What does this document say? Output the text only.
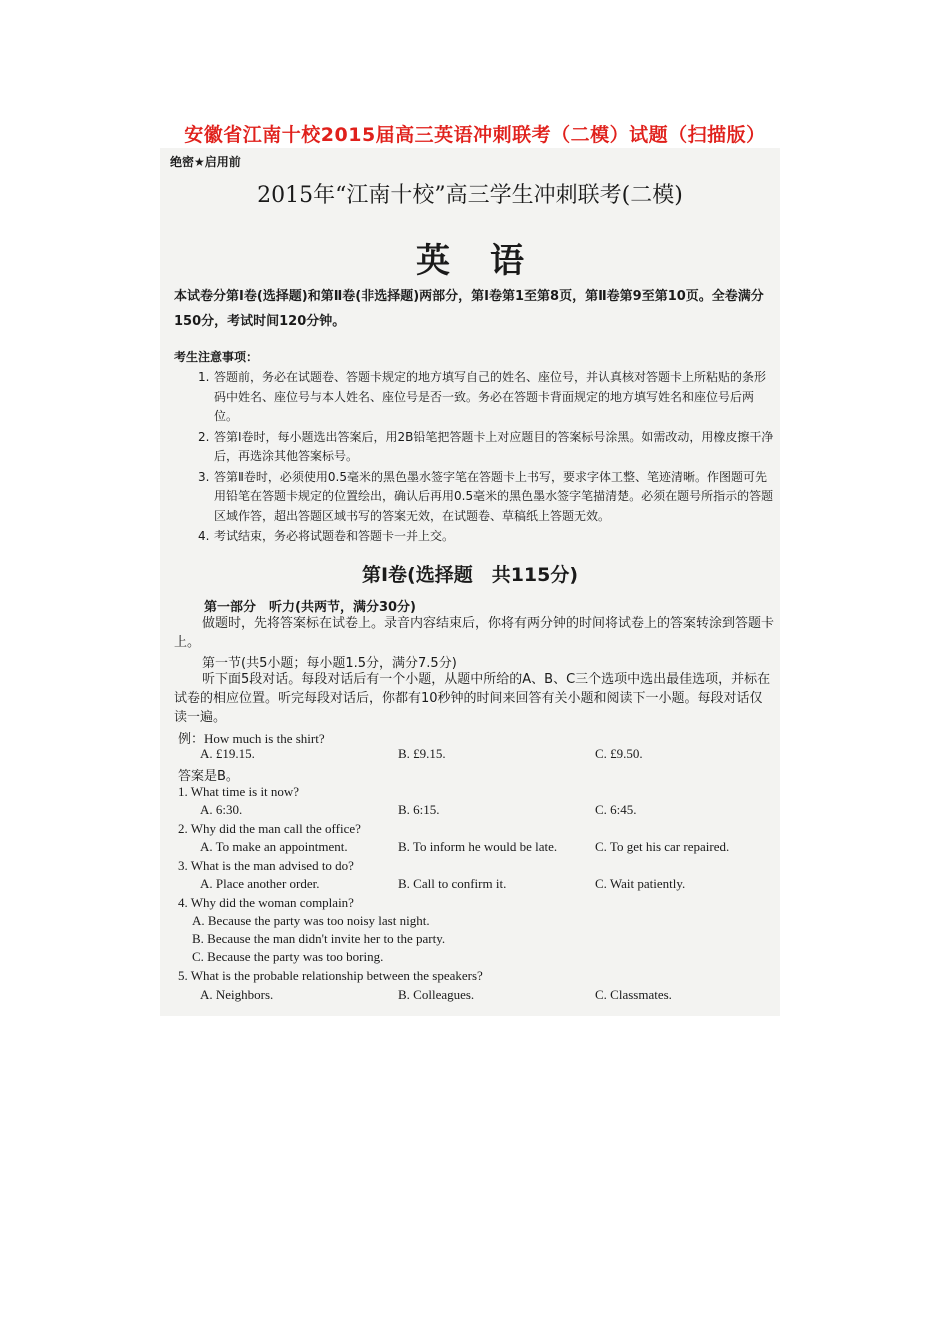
安徽省江南十校2015届高三英语冲刺联考（二模）试题（扫描版）
绝密★启用前
2015年“江南十校”高三学生冲刺联考(二模)
英语
本试卷分第Ⅰ卷(选择题)和第Ⅱ卷(非选择题)两部分，第Ⅰ卷第1至第8页，第Ⅱ卷第9至第10页。全卷满分150分，考试时间120分钟。
考生注意事项：
1. 答题前，务必在试题卷、答题卡规定的地方填写自己的姓名、座位号，并认真核对答题卡上所粘贴的条形码中姓名、座位号与本人姓名、座位号是否一致。务必在答题卡背面规定的地方填写姓名和座位号后两位。
2. 答第Ⅰ卷时，每小题选出答案后，用2B铅笔把答题卡上对应题目的答案标号涂黑。如需改动，用橡皮擦干净后，再选涂其他答案标号。
3. 答第Ⅱ卷时，必须使用0.5毫米的黑色墨水签字笔在答题卡上书写，要求字体工整、笔迹清晰。作图题可先用铅笔在答题卡规定的位置绘出，确认后再用0.5毫米的黑色墨水签字笔描清楚。必须在题号所指示的答题区域作答，超出答题区域书写的答案无效，在试题卷、草稿纸上答题无效。
4. 考试结束，务必将试题卷和答题卡一并上交。
第Ⅰ卷(选择题　共115分)
第一部分　听力(共两节，满分30分)
做题时，先将答案标在试卷上。录音内容结束后，你将有两分钟的时间将试卷上的答案转涂到答题卡上。
第一节(共5小题；每小题1.5分，满分7.5分)
听下面5段对话。每段对话后有一个小题，从题中所给的A、B、C三个选项中选出最佳选项，并标在试卷的相应位置。听完每段对话后，你都有10秒钟的时间来回答有关小题和阅读下一小题。每段对话仅读一遍。
例：How much is the shirt?
A. £19.15.	B. £9.15.	C. £9.50.
答案是B。
1. What time is it now?
A. 6:30.	B. 6:15.	C. 6:45.
2. Why did the man call the office?
A. To make an appointment.	B. To inform he would be late.	C. To get his car repaired.
3. What is the man advised to do?
A. Place another order.	B. Call to confirm it.	C. Wait patiently.
4. Why did the woman complain?
A. Because the party was too noisy last night.
B. Because the man didn't invite her to the party.
C. Because the party was too boring.
5. What is the probable relationship between the speakers?
A. Neighbors.	B. Colleagues.	C. Classmates.
